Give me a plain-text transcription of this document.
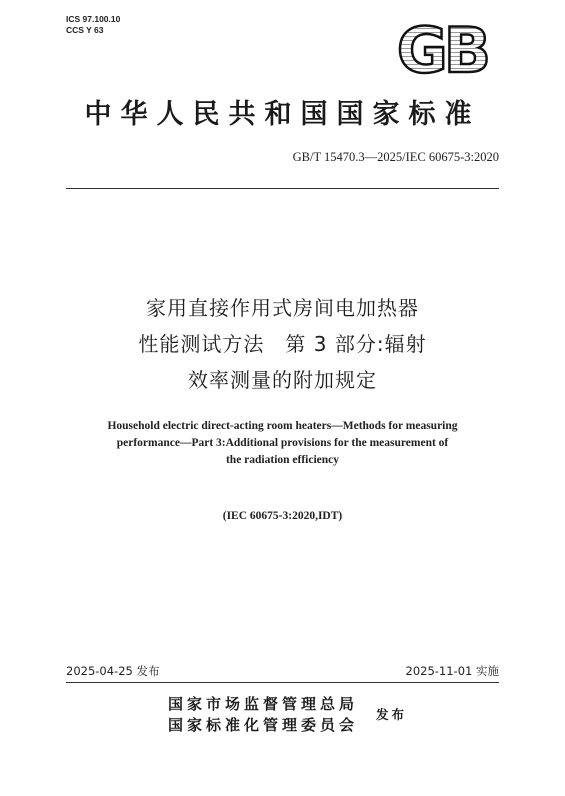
ICS 97.100.10
CCS Y 63	GB
中华人民共和国国家标准
GB/T 15470.3—2025/IEC 60675-3:2020
家用直接作用式房间电加热器
性能测试方法　第 3 部分:辐射
效率测量的附加规定
Household electric direct-acting room heaters—Methods for measuring
performance—Part 3:Additional provisions for the measurement of
the radiation efficiency
(IEC 60675-3:2020,IDT)
2025-04-25 发布	2025-11-01 实施
国家市场监督管理总局
国家标准化管理委员会
发布
